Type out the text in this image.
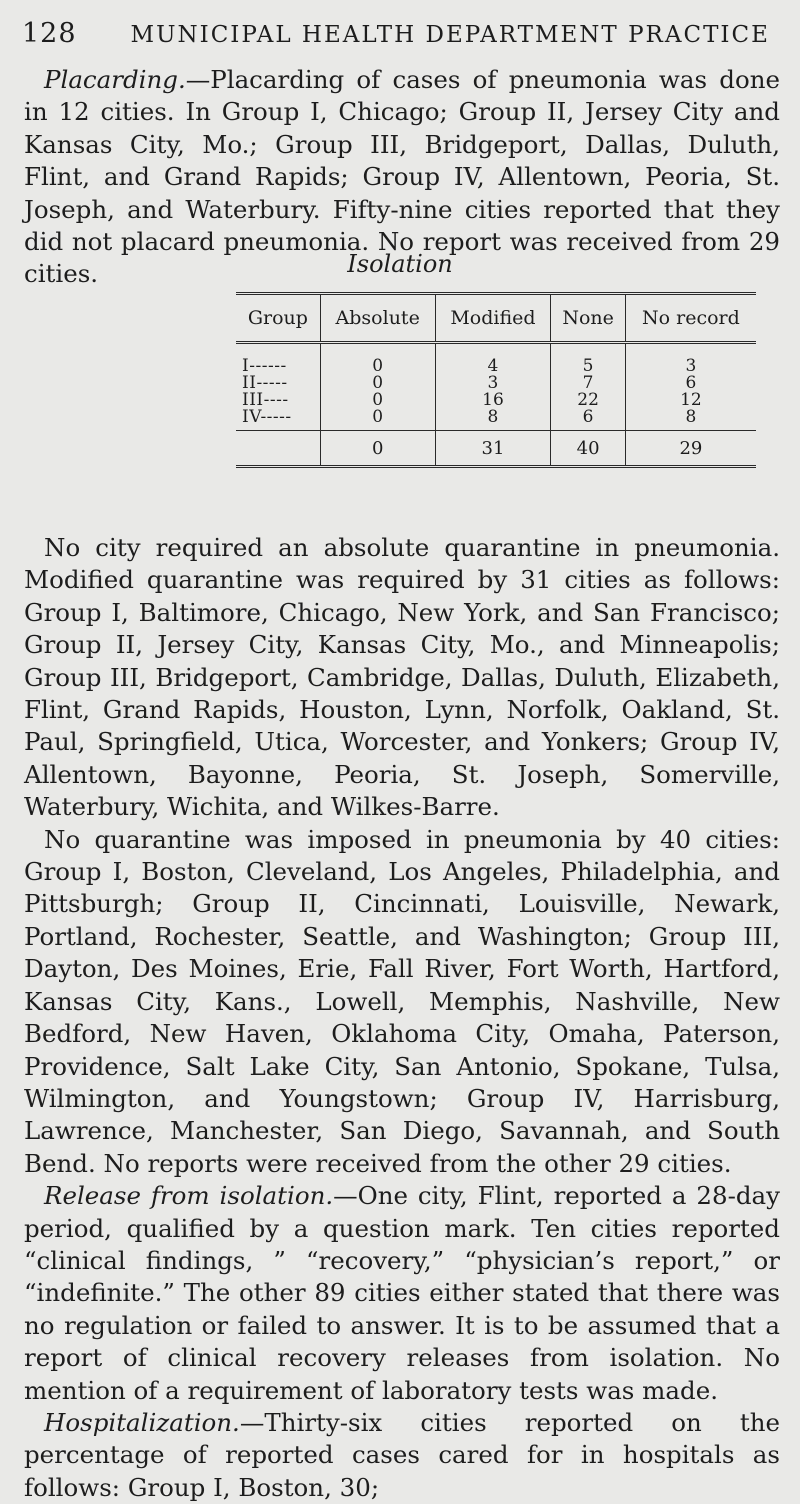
128 MUNICIPAL HEALTH DEPARTMENT PRACTICE

Placarding.—Placarding of cases of pneumonia was done in 12 cities. In Group I, Chicago; Group II, Jersey City and Kansas City, Mo.; Group III, Bridgeport, Dallas, Duluth, Flint, and Grand Rapids; Group IV, Allentown, Peoria, St. Joseph, and Waterbury. Fifty-nine cities reported that they did not placard pneumonia. No report was received from 29 cities.	Isolation
Group	Absolute	Modified	None	No record
I------	0	4	5	3
II-----	0	3	7	6
III----	0	16	22	12
IV-----	0	8	6	8
	0	31	40	29

No city required an absolute quarantine in pneumonia. Modified quarantine was required by 31 cities as follows: Group I, Baltimore, Chicago, New York, and San Francisco; Group II, Jersey City, Kansas City, Mo., and Minneapolis; Group III, Bridgeport, Cambridge, Dallas, Duluth, Elizabeth, Flint, Grand Rapids, Houston, Lynn, Norfolk, Oakland, St. Paul, Springfield, Utica, Worcester, and Yonkers; Group IV, Allentown, Bayonne, Peoria, St. Joseph, Somerville, Waterbury, Wichita, and Wilkes-Barre.

No quarantine was imposed in pneumonia by 40 cities: Group I, Boston, Cleveland, Los Angeles, Philadelphia, and Pittsburgh; Group II, Cincinnati, Louisville, Newark, Portland, Rochester, Seattle, and Washington; Group III, Dayton, Des Moines, Erie, Fall River, Fort Worth, Hartford, Kansas City, Kans., Lowell, Memphis, Nashville, New Bedford, New Haven, Oklahoma City, Omaha, Paterson, Providence, Salt Lake City, San Antonio, Spokane, Tulsa, Wilmington, and Youngstown; Group IV, Harrisburg, Lawrence, Manchester, San Diego, Savannah, and South Bend. No reports were received from the other 29 cities.

Release from isolation.—One city, Flint, reported a 28-day period, qualified by a question mark. Ten cities reported “clinical findings, ” “recovery,” “physician’s report,” or “indefinite.” The other 89 cities either stated that there was no regulation or failed to answer. It is to be assumed that a report of clinical recovery releases from isolation. No mention of a requirement of laboratory tests was made.

Hospitalization.—Thirty-six cities reported on the percentage of reported cases cared for in hospitals as follows: Group I, Boston, 30;
